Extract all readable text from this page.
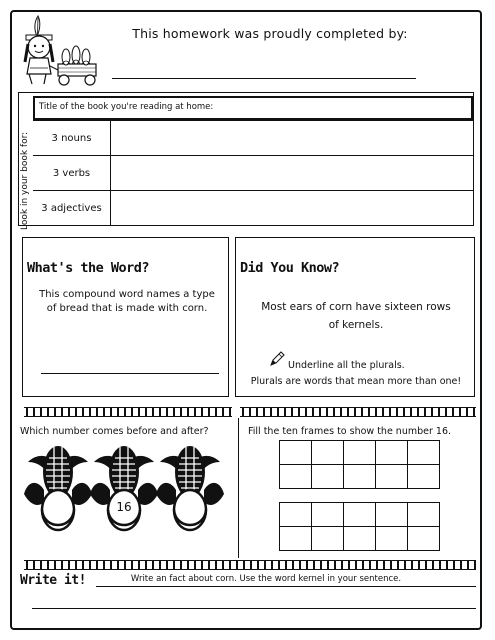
This homework was proudly completed by:
Title of the book you're reading at home:
3 nouns
3 verbs
3 adjectives
Look in your book for:
What's the Word?
This compound word names a type of bread that is made with corn.
Did You Know?
Most ears of corn have sixteen rows of kernels.
Underline all the plurals.
Plurals are words that mean more than one!
Which number comes before and after?
16
Fill the ten frames to show the number 16.

Write it!	Write an fact about corn. Use the word kernel in your sentence.
